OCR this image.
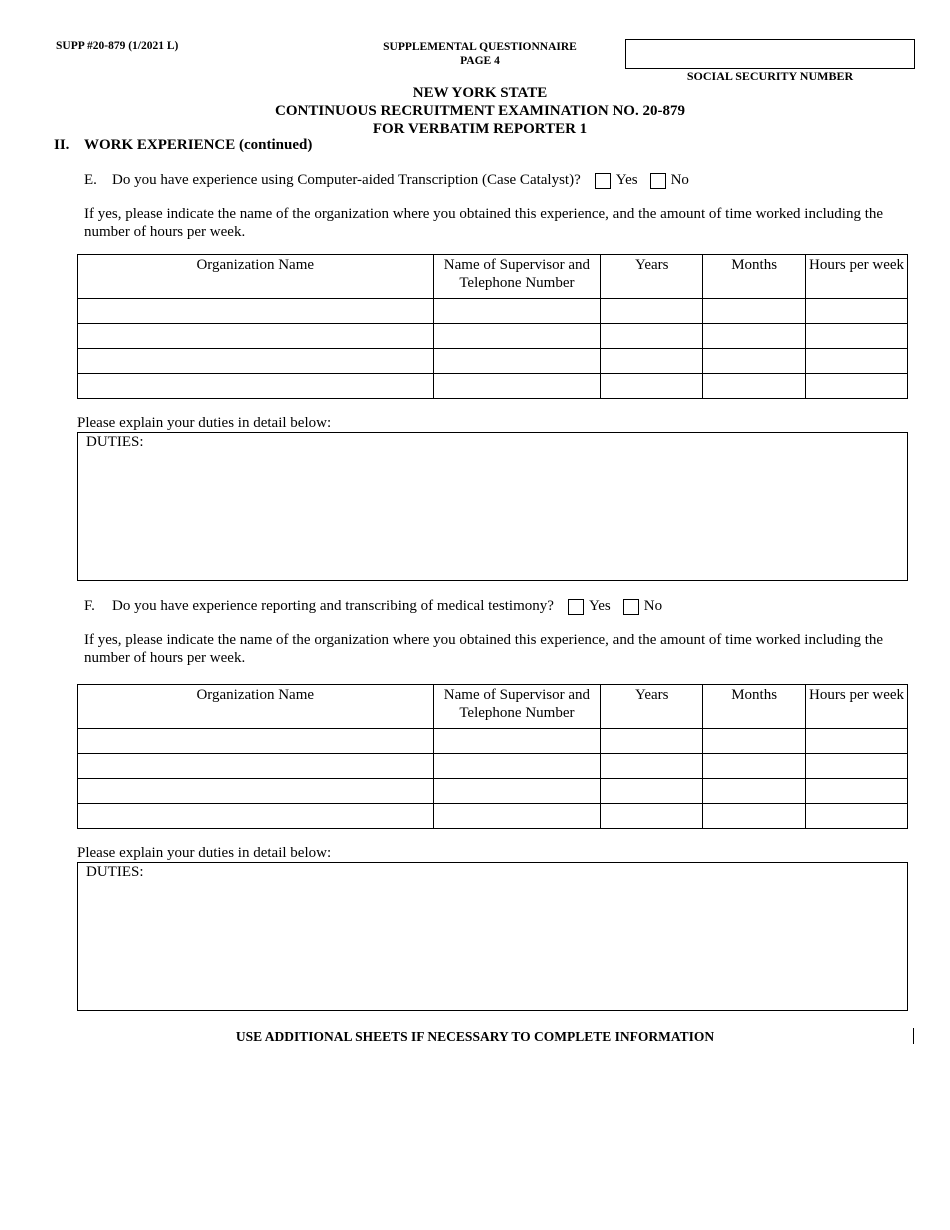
SUPP #20-879 (1/2021 L)	SUPPLEMENTAL QUESTIONNAIRE
PAGE 4
SOCIAL SECURITY NUMBER
NEW YORK STATE
CONTINUOUS RECRUITMENT EXAMINATION NO. 20-879
FOR VERBATIM REPORTER 1
II. WORK EXPERIENCE (continued)
E.	Do you have experience using Computer-aided Transcription (Case Catalyst)? Yes No
If yes, please indicate the name of the organization where you obtained this experience, and the amount of time worked including the number of hours per week.
Organization Name	Name of Supervisor and Telephone Number	Years	Months	Hours per week

Please explain your duties in detail below:
DUTIES:
F.	Do you have experience reporting and transcribing of medical testimony? Yes No
If yes, please indicate the name of the organization where you obtained this experience, and the amount of time worked including the number of hours per week.
Organization Name	Name of Supervisor and Telephone Number	Years	Months	Hours per week

Please explain your duties in detail below:
DUTIES:
USE ADDITIONAL SHEETS IF NECESSARY TO COMPLETE INFORMATION
